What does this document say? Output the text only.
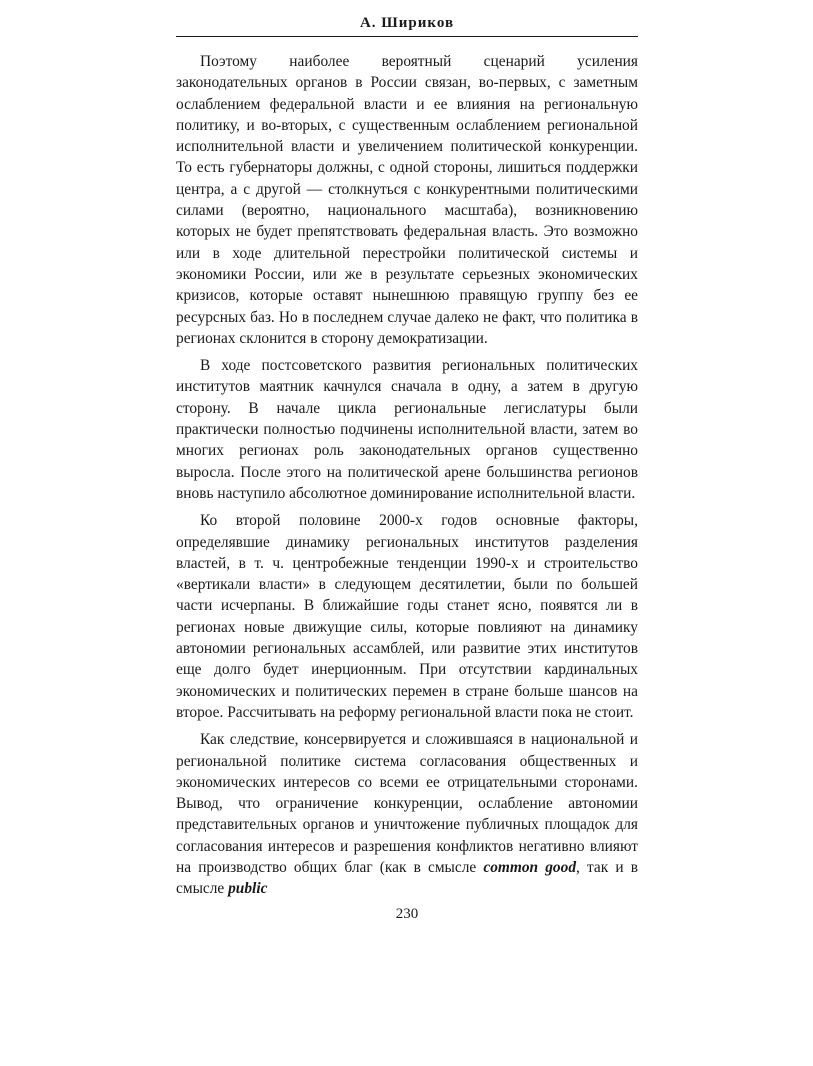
А. Шириков

Поэтому наиболее вероятный сценарий усиления законодательных органов в России связан, во-первых, с заметным ослаблением федеральной власти и ее влияния на региональную политику, и во-вторых, с существенным ослаблением региональной исполнительной власти и увеличением политической конкуренции. То есть губернаторы должны, с одной стороны, лишиться поддержки центра, а с другой — столкнуться с конкурентными политическими силами (вероятно, национального масштаба), возникновению которых не будет препятствовать федеральная власть. Это возможно или в ходе длительной перестройки политической системы и экономики России, или же в результате серьезных экономических кризисов, которые оставят нынешнюю правящую группу без ее ресурсных баз. Но в последнем случае далеко не факт, что политика в регионах склонится в сторону демократизации.

В ходе постсоветского развития региональных политических институтов маятник качнулся сначала в одну, а затем в другую сторону. В начале цикла региональные легислатуры были практически полностью подчинены исполнительной власти, затем во многих регионах роль законодательных органов существенно выросла. После этого на политической арене большинства регионов вновь наступило абсолютное доминирование исполнительной власти.

Ко второй половине 2000-х годов основные факторы, определявшие динамику региональных институтов разделения властей, в т. ч. центробежные тенденции 1990-х и строительство «вертикали власти» в следующем десятилетии, были по большей части исчерпаны. В ближайшие годы станет ясно, появятся ли в регионах новые движущие силы, которые повлияют на динамику автономии региональных ассамблей, или развитие этих институтов еще долго будет инерционным. При отсутствии кардинальных экономических и политических перемен в стране больше шансов на второе. Рассчитывать на реформу региональной власти пока не стоит.

Как следствие, консервируется и сложившаяся в национальной и региональной политике система согласования общественных и экономических интересов со всеми ее отрицательными сторонами. Вывод, что ограничение конкуренции, ослабление автономии представительных органов и уничтожение публичных площадок для согласования интересов и разрешения конфликтов негативно влияют на производство общих благ (как в смысле common good, так и в смысле public

230
